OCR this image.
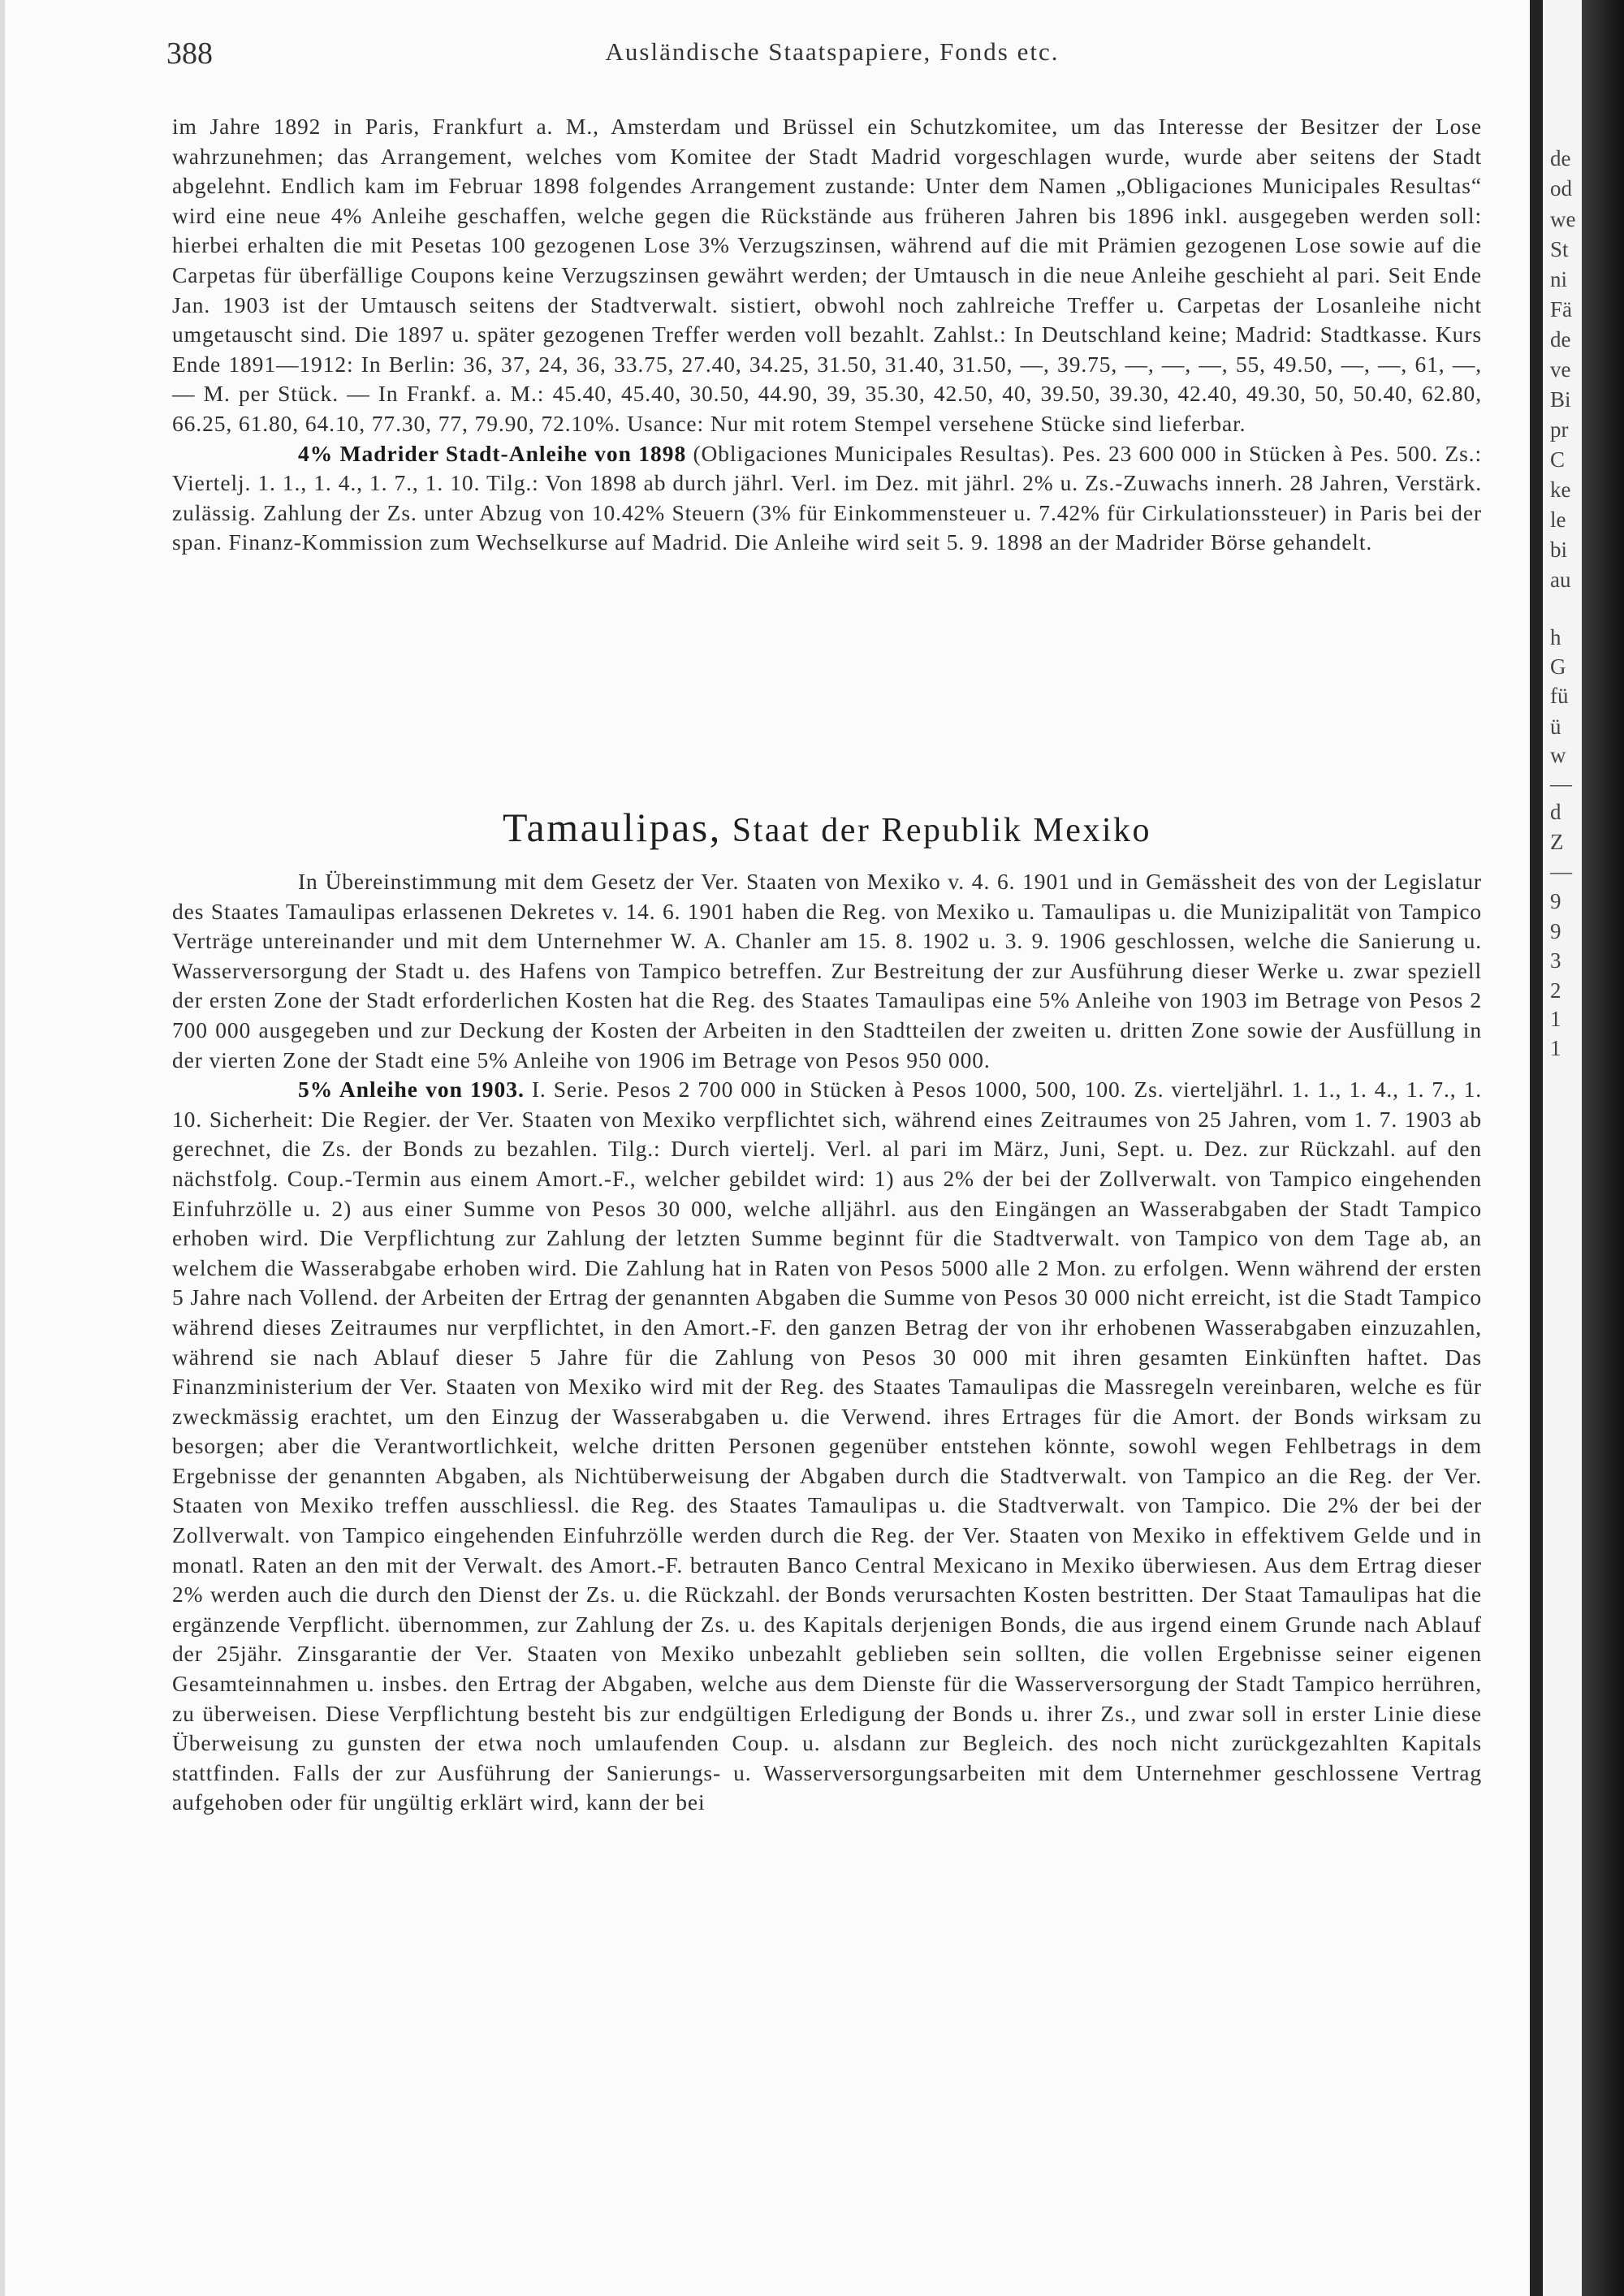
388	Ausländische Staatspapiere, Fonds etc.

im Jahre 1892 in Paris, Frankfurt a. M., Amsterdam und Brüssel ein Schutzkomitee, um das Interesse der Besitzer der Lose wahrzunehmen; das Arrangement, welches vom Komitee der Stadt Madrid vorgeschlagen wurde, wurde aber seitens der Stadt abgelehnt. Endlich kam im Februar 1898 folgendes Arrangement zustande: Unter dem Namen „Obligaciones Municipales Resultas“ wird eine neue 4% Anleihe geschaffen, welche gegen die Rückstände aus früheren Jahren bis 1896 inkl. ausgegeben werden soll: hierbei erhalten die mit Pesetas 100 gezogenen Lose 3% Verzugszinsen, während auf die mit Prämien gezogenen Lose sowie auf die Carpetas für überfällige Coupons keine Verzugszinsen gewährt werden; der Umtausch in die neue Anleihe geschieht al pari. Seit Ende Jan. 1903 ist der Umtausch seitens der Stadtverwalt. sistiert, obwohl noch zahlreiche Treffer u. Carpetas der Losanleihe nicht umgetauscht sind. Die 1897 u. später gezogenen Treffer werden voll bezahlt. Zahlst.: In Deutschland keine; Madrid: Stadtkasse. Kurs Ende 1891—1912: In Berlin: 36, 37, 24, 36, 33.75, 27.40, 34.25, 31.50, 31.40, 31.50, —, 39.75, —, —, —, 55, 49.50, —, —, 61, —, — M. per Stück. — In Frankf. a. M.: 45.40, 45.40, 30.50, 44.90, 39, 35.30, 42.50, 40, 39.50, 39.30, 42.40, 49.30, 50, 50.40, 62.80, 66.25, 61.80, 64.10, 77.30, 77, 79.90, 72.10%. Usance: Nur mit rotem Stempel versehene Stücke sind lieferbar.

4% Madrider Stadt-Anleihe von 1898 (Obligaciones Municipales Resultas). Pes. 23 600 000 in Stücken à Pes. 500. Zs.: Viertelj. 1. 1., 1. 4., 1. 7., 1. 10. Tilg.: Von 1898 ab durch jährl. Verl. im Dez. mit jährl. 2% u. Zs.-Zuwachs innerh. 28 Jahren, Verstärk. zulässig. Zahlung der Zs. unter Abzug von 10.42% Steuern (3% für Einkommensteuer u. 7.42% für Cirkulationssteuer) in Paris bei der span. Finanz-Kommission zum Wechselkurse auf Madrid. Die Anleihe wird seit 5. 9. 1898 an der Madrider Börse gehandelt.

Tamaulipas, Staat der Republik Mexiko

In Übereinstimmung mit dem Gesetz der Ver. Staaten von Mexiko v. 4. 6. 1901 und in Gemässheit des von der Legislatur des Staates Tamaulipas erlassenen Dekretes v. 14. 6. 1901 haben die Reg. von Mexiko u. Tamaulipas u. die Munizipalität von Tampico Verträge untereinander und mit dem Unternehmer W. A. Chanler am 15. 8. 1902 u. 3. 9. 1906 geschlossen, welche die Sanierung u. Wasserversorgung der Stadt u. des Hafens von Tampico betreffen. Zur Bestreitung der zur Ausführung dieser Werke u. zwar speziell der ersten Zone der Stadt erforderlichen Kosten hat die Reg. des Staates Tamaulipas eine 5% Anleihe von 1903 im Betrage von Pesos 2 700 000 ausgegeben und zur Deckung der Kosten der Arbeiten in den Stadtteilen der zweiten u. dritten Zone sowie der Ausfüllung in der vierten Zone der Stadt eine 5% Anleihe von 1906 im Betrage von Pesos 950 000.

5% Anleihe von 1903. I. Serie. Pesos 2 700 000 in Stücken à Pesos 1000, 500, 100. Zs. vierteljährl. 1. 1., 1. 4., 1. 7., 1. 10. Sicherheit: Die Regier. der Ver. Staaten von Mexiko verpflichtet sich, während eines Zeitraumes von 25 Jahren, vom 1. 7. 1903 ab gerechnet, die Zs. der Bonds zu bezahlen. Tilg.: Durch viertelj. Verl. al pari im März, Juni, Sept. u. Dez. zur Rückzahl. auf den nächstfolg. Coup.-Termin aus einem Amort.-F., welcher gebildet wird: 1) aus 2% der bei der Zollverwalt. von Tampico eingehenden Einfuhrzölle u. 2) aus einer Summe von Pesos 30 000, welche alljährl. aus den Eingängen an Wasserabgaben der Stadt Tampico erhoben wird. Die Verpflichtung zur Zahlung der letzten Summe beginnt für die Stadtverwalt. von Tampico von dem Tage ab, an welchem die Wasserabgabe erhoben wird. Die Zahlung hat in Raten von Pesos 5000 alle 2 Mon. zu erfolgen. Wenn während der ersten 5 Jahre nach Vollend. der Arbeiten der Ertrag der genannten Abgaben die Summe von Pesos 30 000 nicht erreicht, ist die Stadt Tampico während dieses Zeitraumes nur verpflichtet, in den Amort.-F. den ganzen Betrag der von ihr erhobenen Wasserabgaben einzuzahlen, während sie nach Ablauf dieser 5 Jahre für die Zahlung von Pesos 30 000 mit ihren gesamten Einkünften haftet. Das Finanzministerium der Ver. Staaten von Mexiko wird mit der Reg. des Staates Tamaulipas die Massregeln vereinbaren, welche es für zweckmässig erachtet, um den Einzug der Wasserabgaben u. die Verwend. ihres Ertrages für die Amort. der Bonds wirksam zu besorgen; aber die Verantwortlichkeit, welche dritten Personen gegenüber entstehen könnte, sowohl wegen Fehlbetrags in dem Ergebnisse der genannten Abgaben, als Nichtüberweisung der Abgaben durch die Stadtverwalt. von Tampico an die Reg. der Ver. Staaten von Mexiko treffen ausschliessl. die Reg. des Staates Tamaulipas u. die Stadtverwalt. von Tampico. Die 2% der bei der Zollverwalt. von Tampico eingehenden Einfuhrzölle werden durch die Reg. der Ver. Staaten von Mexiko in effektivem Gelde und in monatl. Raten an den mit der Verwalt. des Amort.-F. betrauten Banco Central Mexicano in Mexiko überwiesen. Aus dem Ertrag dieser 2% werden auch die durch den Dienst der Zs. u. die Rückzahl. der Bonds verursachten Kosten bestritten. Der Staat Tamaulipas hat die ergänzende Verpflicht. übernommen, zur Zahlung der Zs. u. des Kapitals derjenigen Bonds, die aus irgend einem Grunde nach Ablauf der 25jähr. Zinsgarantie der Ver. Staaten von Mexiko unbezahlt geblieben sein sollten, die vollen Ergebnisse seiner eigenen Gesamteinnahmen u. insbes. den Ertrag der Abgaben, welche aus dem Dienste für die Wasserversorgung der Stadt Tampico herrühren, zu überweisen. Diese Verpflichtung besteht bis zur endgültigen Erledigung der Bonds u. ihrer Zs., und zwar soll in erster Linie diese Überweisung zu gunsten der etwa noch umlaufenden Coup. u. alsdann zur Begleich. des noch nicht zurückgezahlten Kapitals stattfinden. Falls der zur Ausführung der Sanierungs- u. Wasserversorgungsarbeiten mit dem Unternehmer geschlossene Vertrag aufgehoben oder für ungültig erklärt wird, kann der bei

de
od
we
St
ni
Fä
de
ve
Bi
pr
C
ke
le
bi
au
h
G
fü
ü
w
—
d
Z
—
9
9
3
2
1
1
